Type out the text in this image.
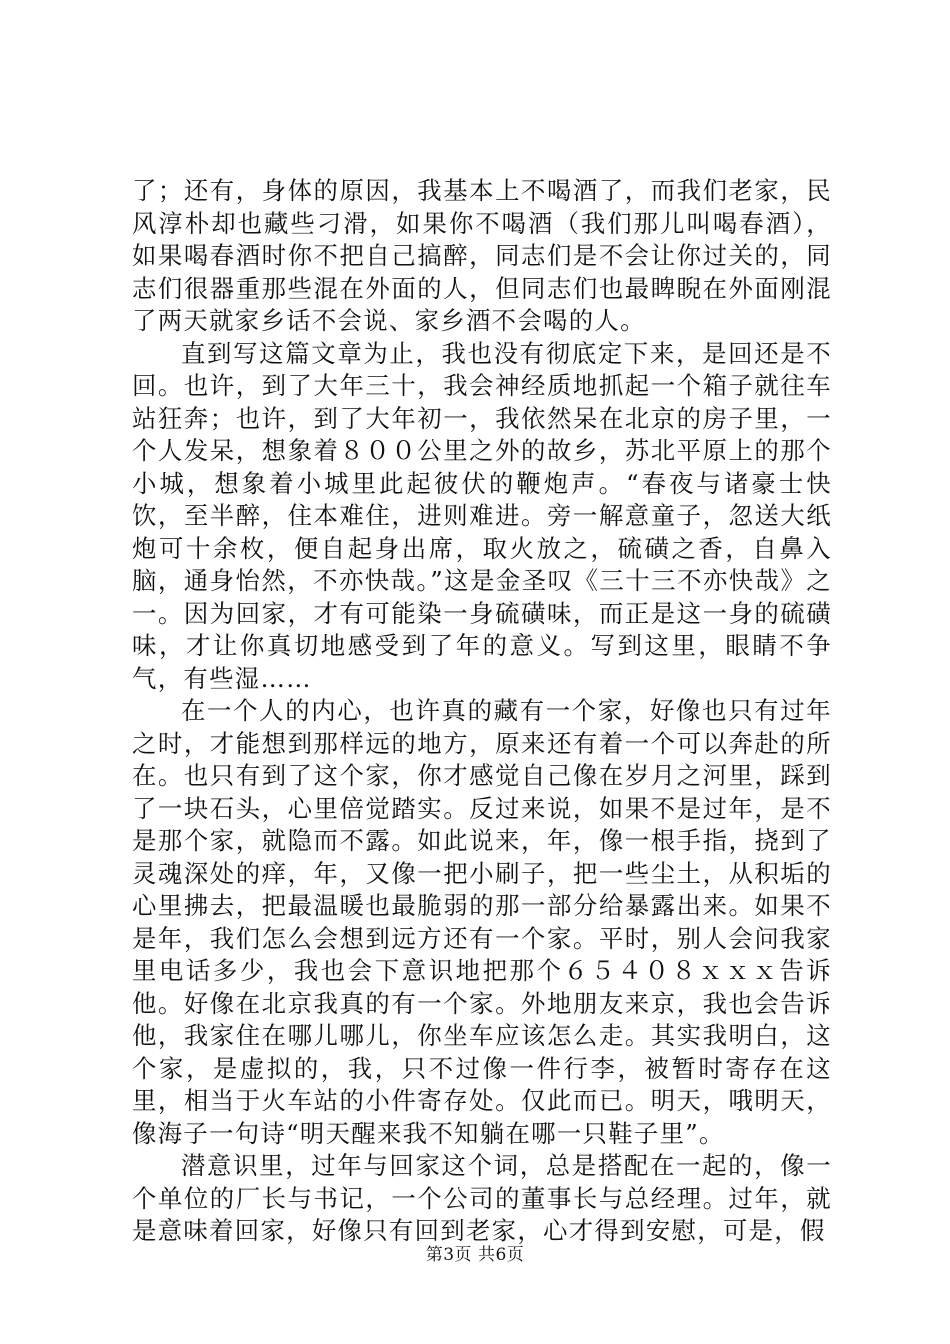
了；还有，身体的原因，我基本上不喝酒了，而我们老家，民风淳朴却也藏些刁滑，如果你不喝酒（我们那儿叫喝春酒），如果喝春酒时你不把自己搞醉，同志们是不会让你过关的，同志们很器重那些混在外面的人，但同志们也最睥睨在外面刚混了两天就家乡话不会说、家乡酒不会喝的人。

直到写这篇文章为止，我也没有彻底定下来，是回还是不回。也许，到了大年三十，我会神经质地抓起一个箱子就往车站狂奔；也许，到了大年初一，我依然呆在北京的房子里，一个人发呆，想象着８００公里之外的故乡，苏北平原上的那个小城，想象着小城里此起彼伏的鞭炮声。“春夜与诸豪士快饮，至半醉，住本难住，进则难进。旁一解意童子，忽送大纸炮可十余枚，便自起身出席，取火放之，硫磺之香，自鼻入脑，通身怡然，不亦快哉。”这是金圣叹《三十三不亦快哉》之一。因为回家，才有可能染一身硫磺味，而正是这一身的硫磺味，才让你真切地感受到了年的意义。写到这里，眼睛不争气，有些湿……

在一个人的内心，也许真的藏有一个家，好像也只有过年之时，才能想到那样远的地方，原来还有着一个可以奔赴的所在。也只有到了这个家，你才感觉自己像在岁月之河里，踩到了一块石头，心里倍觉踏实。反过来说，如果不是过年，是不是那个家，就隐而不露。如此说来，年，像一根手指，挠到了灵魂深处的痒，年，又像一把小刷子，把一些尘土，从积垢的心里拂去，把最温暖也最脆弱的那一部分给暴露出来。如果不是年，我们怎么会想到远方还有一个家。平时，别人会问我家里电话多少，我也会下意识地把那个６５４０８ｘｘｘ告诉他。好像在北京我真的有一个家。外地朋友来京，我也会告诉他，我家住在哪儿哪儿，你坐车应该怎么走。其实我明白，这个家，是虚拟的，我，只不过像一件行李，被暂时寄存在这里，相当于火车站的小件寄存处。仅此而已。明天，哦明天，像海子一句诗“明天醒来我不知躺在哪一只鞋子里”。

潜意识里，过年与回家这个词，总是搭配在一起的，像一个单位的厂长与书记，一个公司的董事长与总经理。过年，就是意味着回家，好像只有回到老家，心才得到安慰，可是，假

第3页 共6页
